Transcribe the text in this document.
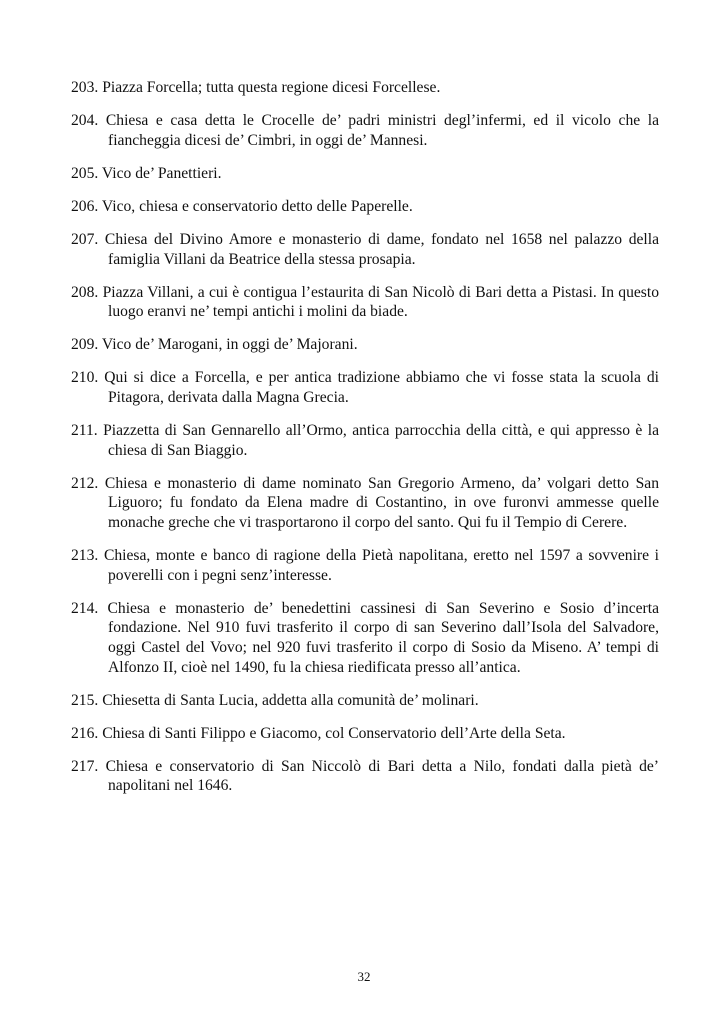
203. Piazza Forcella; tutta questa regione dicesi Forcellese.

204. Chiesa e casa detta le Crocelle de’ padri ministri degl’infermi, ed il vicolo che la fiancheggia dicesi de’ Cimbri, in oggi de’ Mannesi.

205. Vico de’ Panettieri.

206. Vico, chiesa e conservatorio detto delle Paperelle.

207. Chiesa del Divino Amore e monasterio di dame, fondato nel 1658 nel palazzo della famiglia Villani da Beatrice della stessa prosapia.

208. Piazza Villani, a cui è contigua l’estaurita di San Nicolò di Bari detta a Pistasi. In questo luogo eranvi ne’ tempi antichi i molini da biade.

209. Vico de’ Marogani, in oggi de’ Majorani.

210. Qui si dice a Forcella, e per antica tradizione abbiamo che vi fosse stata la scuola di Pitagora, derivata dalla Magna Grecia.

211. Piazzetta di San Gennarello all’Ormo, antica parrocchia della città, e qui appresso è la chiesa di San Biaggio.

212. Chiesa e monasterio di dame nominato San Gregorio Armeno, da’ volgari detto San Liguoro; fu fondato da Elena madre di Costantino, in ove furonvi ammesse quelle monache greche che vi trasportarono il corpo del santo. Qui fu il Tempio di Cerere.

213. Chiesa, monte e banco di ragione della Pietà napolitana, eretto nel 1597 a sovvenire i poverelli con i pegni senz’interesse.

214. Chiesa e monasterio de’ benedettini cassinesi di San Severino e Sosio d’incerta fondazione. Nel 910 fuvi trasferito il corpo di san Severino dall’Isola del Salvadore, oggi Castel del Vovo; nel 920 fuvi trasferito il corpo di Sosio da Miseno. A’ tempi di Alfonzo II, cioè nel 1490, fu la chiesa riedificata presso all’antica.

215. Chiesetta di Santa Lucia, addetta alla comunità de’ molinari.

216. Chiesa di Santi Filippo e Giacomo, col Conservatorio dell’Arte della Seta.

217. Chiesa e conservatorio di San Niccolò di Bari detta a Nilo, fondati dalla pietà de’ napolitani nel 1646.

32
